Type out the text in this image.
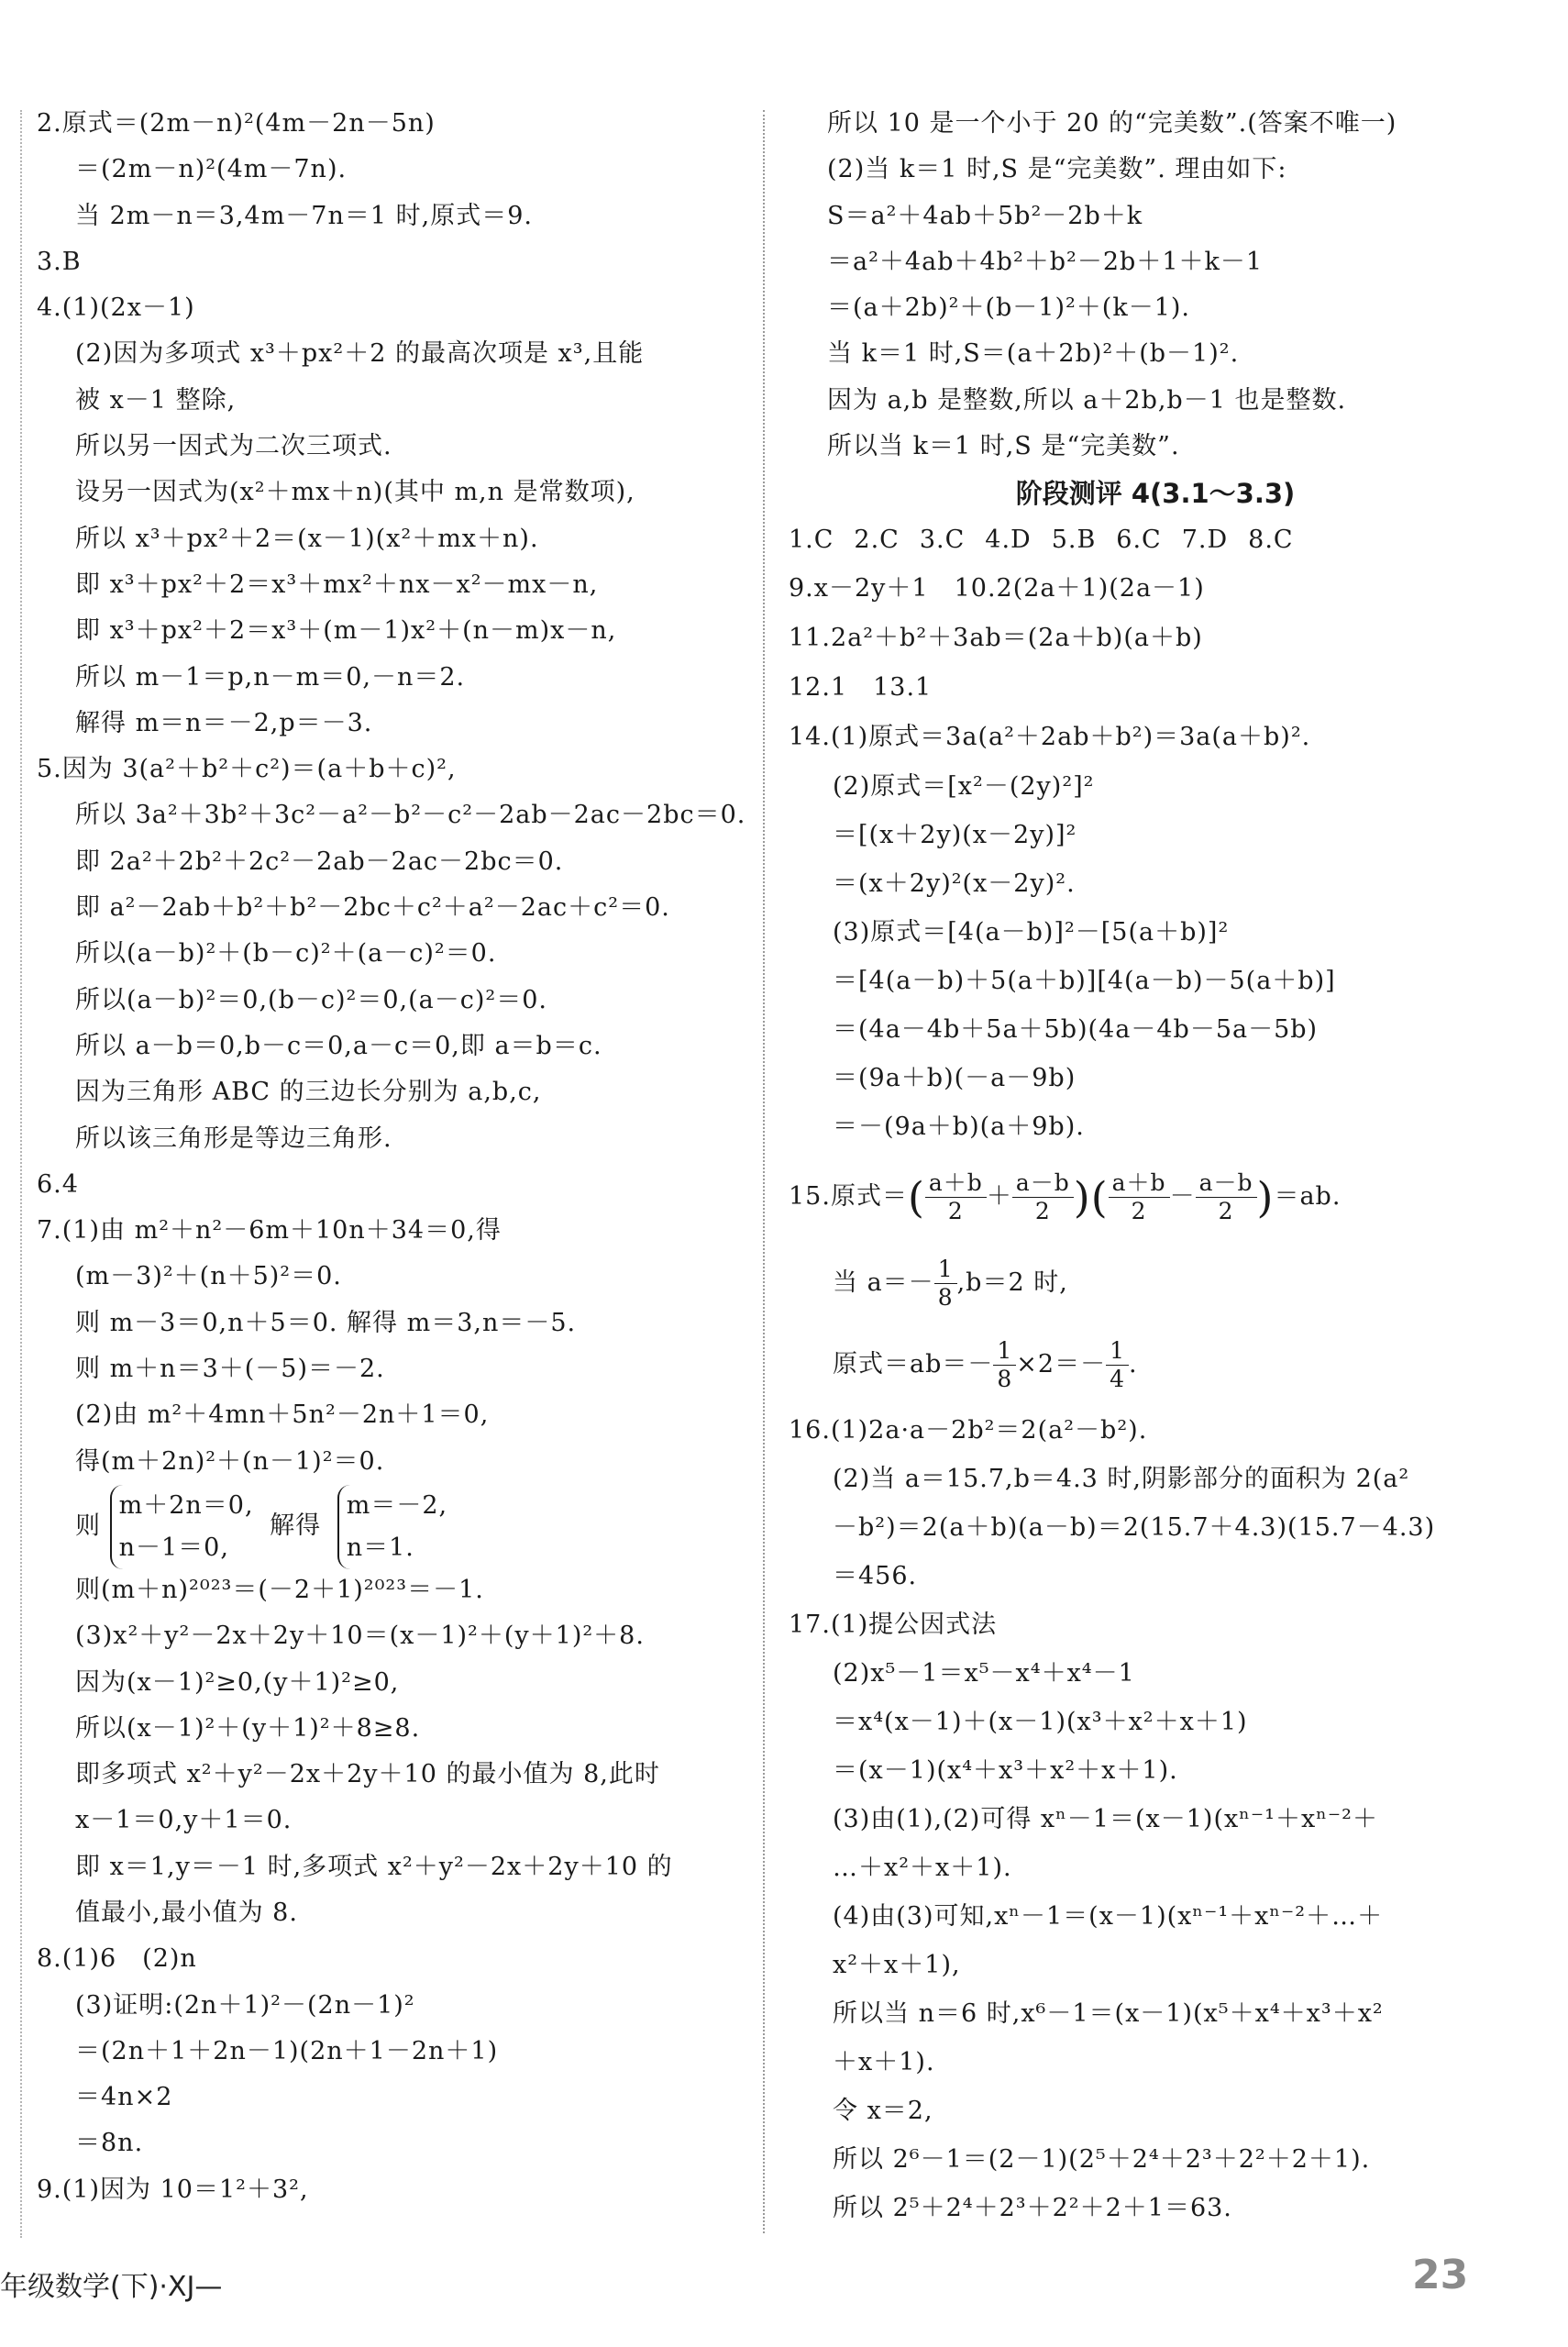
2.原式＝(2m－n)²(4m－2n－5n)
＝(2m－n)²(4m－7n).
当 2m－n＝3,4m－7n＝1 时,原式＝9.
3.B
4.(1)(2x－1)
(2)因为多项式 x³＋px²＋2 的最高次项是 x³,且能
被 x－1 整除,
所以另一因式为二次三项式.
设另一因式为(x²＋mx＋n)(其中 m,n 是常数项),
所以 x³＋px²＋2＝(x－1)(x²＋mx＋n).
即 x³＋px²＋2＝x³＋mx²＋nx－x²－mx－n,
即 x³＋px²＋2＝x³＋(m－1)x²＋(n－m)x－n,
所以 m－1＝p,n－m＝0,－n＝2.
解得 m＝n＝－2,p＝－3.
5.因为 3(a²＋b²＋c²)＝(a＋b＋c)²,
所以 3a²＋3b²＋3c²－a²－b²－c²－2ab－2ac－2bc＝0.
即 2a²＋2b²＋2c²－2ab－2ac－2bc＝0.
即 a²－2ab＋b²＋b²－2bc＋c²＋a²－2ac＋c²＝0.
所以(a－b)²＋(b－c)²＋(a－c)²＝0.
所以(a－b)²＝0,(b－c)²＝0,(a－c)²＝0.
所以 a－b＝0,b－c＝0,a－c＝0,即 a＝b＝c.
因为三角形 ABC 的三边长分别为 a,b,c,
所以该三角形是等边三角形.
6.4
7.(1)由 m²＋n²－6m＋10n＋34＝0,得
(m－3)²＋(n＋5)²＝0.
则 m－3＝0,n＋5＝0. 解得 m＝3,n＝－5.
则 m＋n＝3＋(－5)＝－2.
(2)由 m²＋4mn＋5n²－2n＋1＝0,
得(m＋2n)²＋(n－1)²＝0.
则
m＋2n＝0,
n－1＝0,
解得
m＝－2,
n＝1.
则(m＋n)²⁰²³＝(－2＋1)²⁰²³＝－1.
(3)x²＋y²－2x＋2y＋10＝(x－1)²＋(y＋1)²＋8.
因为(x－1)²≥0,(y＋1)²≥0,
所以(x－1)²＋(y＋1)²＋8≥8.
即多项式 x²＋y²－2x＋2y＋10 的最小值为 8,此时
x－1＝0,y＋1＝0.
即 x＝1,y＝－1 时,多项式 x²＋y²－2x＋2y＋10 的
值最小,最小值为 8.
8.(1)6　(2)n
(3)证明:(2n＋1)²－(2n－1)²
＝(2n＋1＋2n－1)(2n＋1－2n＋1)
＝4n×2
＝8n.
9.(1)因为 10＝1²＋3²,
所以 10 是一个小于 20 的“完美数”.(答案不唯一)
(2)当 k＝1 时,S 是“完美数”. 理由如下:
S＝a²＋4ab＋5b²－2b＋k
＝a²＋4ab＋4b²＋b²－2b＋1＋k－1
＝(a＋2b)²＋(b－1)²＋(k－1).
当 k＝1 时,S＝(a＋2b)²＋(b－1)².
因为 a,b 是整数,所以 a＋2b,b－1 也是整数.
所以当 k＝1 时,S 是“完美数”.
阶段测评 4(3.1～3.3)
1.C 2.C 3.C 4.D 5.B 6.C 7.D 8.C
9.x－2y＋1　10.2(2a＋1)(2a－1)
11.2a²＋b²＋3ab＝(2a＋b)(a＋b)
12.1　13.1
14.(1)原式＝3a(a²＋2ab＋b²)＝3a(a＋b)².
(2)原式＝[x²－(2y)²]²
＝[(x＋2y)(x－2y)]²
＝(x＋2y)²(x－2y)².
(3)原式＝[4(a－b)]²－[5(a＋b)]²
＝[4(a－b)＋5(a＋b)][4(a－b)－5(a＋b)]
＝(4a－4b＋5a＋5b)(4a－4b－5a－5b)
＝(9a＋b)(－a－9b)
＝－(9a＋b)(a＋9b).
15.原式＝( $\frac{a+b}{2} + \frac{a-b}{2}$ )( $\frac{a+b}{2} - \frac{a-b}{2} )=ab$.
当 $a=- \frac{1}{8} ,b=2$ 时,
原式$=ab=- \frac{1}{8} \times 2=- \frac{1}{4}$ .
16.(1)2a·a－2b²＝2(a²－b²).
(2)当 a＝15.7,b＝4.3 时,阴影部分的面积为 2(a²
－b²)＝2(a＋b)(a－b)＝2(15.7＋4.3)(15.7－4.3)
＝456.
17.(1)提公因式法
(2)x⁵－1＝x⁵－x⁴＋x⁴－1
＝x⁴(x－1)＋(x－1)(x³＋x²＋x＋1)
＝(x－1)(x⁴＋x³＋x²＋x＋1).
(3)由(1),(2)可得 xⁿ－1＝(x－1)(xⁿ⁻¹＋xⁿ⁻²＋
…＋x²＋x＋1).
(4)由(3)可知,xⁿ－1＝(x－1)(xⁿ⁻¹＋xⁿ⁻²＋…＋
x²＋x＋1),
所以当 n＝6 时,x⁶－1＝(x－1)(x⁵＋x⁴＋x³＋x²
＋x＋1).
令 x＝2,
所以 2⁶－1＝(2－1)(2⁵＋2⁴＋2³＋2²＋2＋1).
所以 2⁵＋2⁴＋2³＋2²＋2＋1＝63.
年级数学(下)·XJ—	23
